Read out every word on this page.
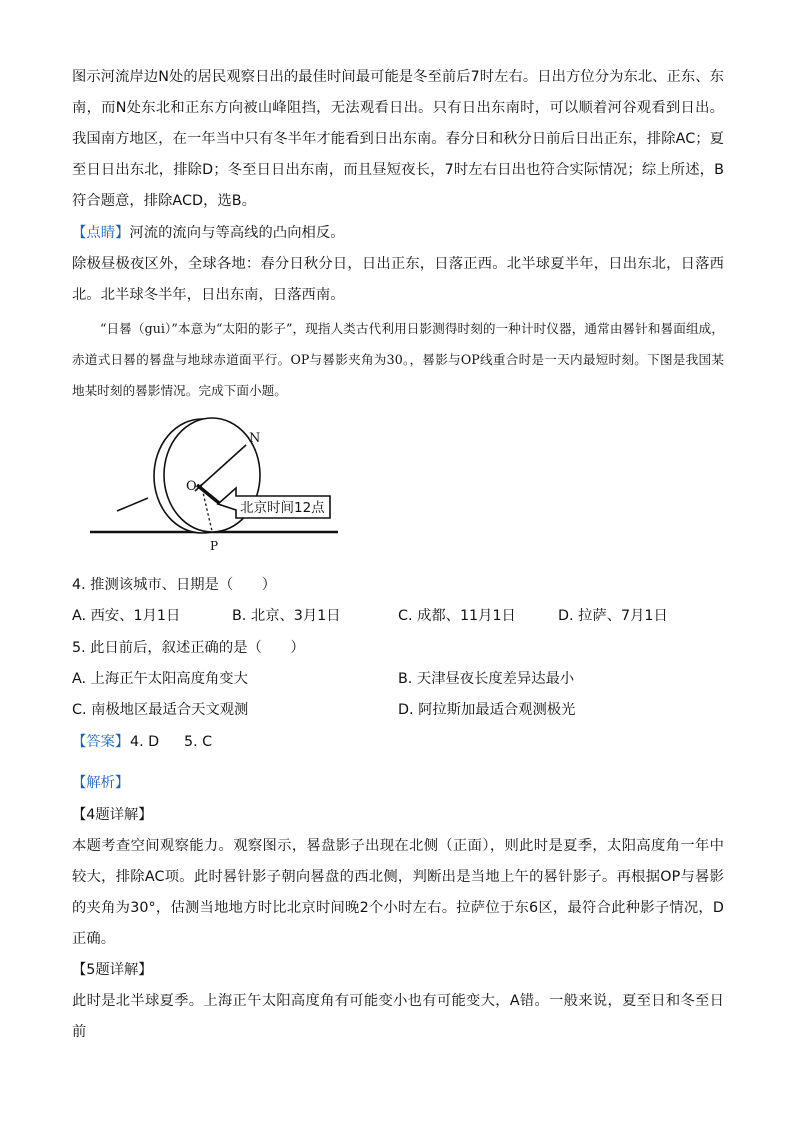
图示河流岸边N处的居民观察日出的最佳时间最可能是冬至前后7时左右。日出方位分为东北、正东、东南，而N处东北和正东方向被山峰阻挡，无法观看日出。只有日出东南时，可以顺着河谷观看到日出。我国南方地区，在一年当中只有冬半年才能看到日出东南。春分日和秋分日前后日出正东，排除AC；夏至日日出东北，排除D；冬至日日出东南，而且昼短夜长，7时左右日出也符合实际情况；综上所述，B符合题意，排除ACD，选B。

【点睛】河流的流向与等高线的凸向相反。

除极昼极夜区外，全球各地：春分日秋分日，日出正东，日落正西。北半球夏半年，日出东北，日落西北。北半球冬半年，日出东南，日落西南。

“日晷（gui）”本意为“太阳的影子”，现指人类古代利用日影测得时刻的一种计时仪器，通常由晷针和晷面组成，赤道式日晷的晷盘与地球赤道面平行。OP与晷影夹角为30。，晷影与OP线重合时是一天内最短时刻。下图是我国某地某时刻的晷影情况。完成下面小题。

北京时间12点
N
O
P
4. 推测该城市、日期是（　　）
A. 西安、1月1日	B. 北京、3月1日	C. 成都、11月1日	D. 拉萨、7月1日
5. 此日前后，叙述正确的是（　　）
A. 上海正午太阳高度角变大	B. 天津昼夜长度差异达最小
C. 南极地区最适合天文观测	D. 阿拉斯加最适合观测极光
【答案】 4. D 5. C
【解析】
【4题详解】

本题考查空间观察能力。观察图示，晷盘影子出现在北侧（正面），则此时是夏季，太阳高度角一年中较大，排除AC项。此时晷针影子朝向晷盘的西北侧，判断出是当地上午的晷针影子。再根据OP与晷影的夹角为30°，估测当地地方时比北京时间晚2个小时左右。拉萨位于东6区，最符合此种影子情况，D正确。

【5题详解】

此时是北半球夏季。上海正午太阳高度角有可能变小也有可能变大，A错。一般来说，夏至日和冬至日前
